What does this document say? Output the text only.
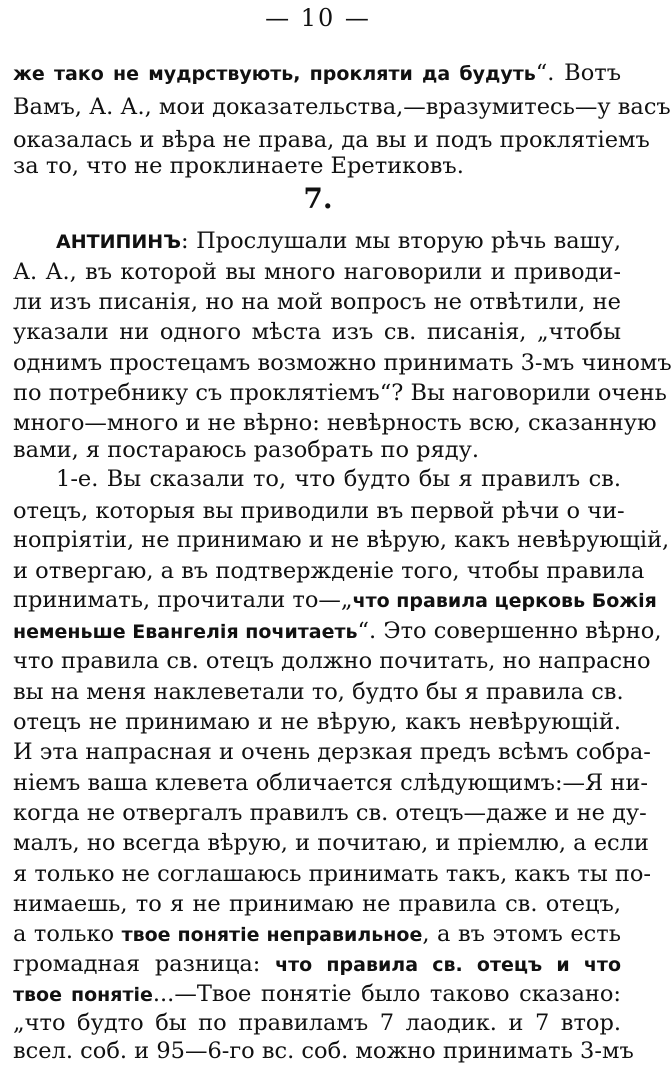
— 10 —
же тако не мудрствують, прокляти да будуть“. Вотъ
Вамъ, А. А., мои доказательства,—вразумитесь—у васъ
оказалась и вѣра не права, да вы и подъ проклятіемъ
за то, что не проклинаете Еретиковъ.
7.
АНТИПИНЪ: Прослушали мы вторую рѣчь вашу,
А. А., въ которой вы много наговорили и приводи-
ли изъ писанія, но на мой вопросъ не отвѣтили, не
указали ни одного мѣста изъ св. писанія, „чтобы
однимъ простецамъ возможно принимать 3-мъ чиномъ
по потребнику съ проклятіемъ“? Вы наговорили очень
много—много и не вѣрно: невѣрность всю, сказанную
вами, я постараюсь разобрать по ряду.
1-е. Вы сказали то, что будто бы я правилъ св.
отецъ, которыя вы приводили въ первой рѣчи о чи-
нопріятіи, не принимаю и не вѣрую, какъ невѣрующій,
и отвергаю, а въ подтвержденіе того, чтобы правила
принимать, прочитали то—„что правила церковь Божія
неменьше Евангелія почитаеть“. Это совершенно вѣрно,
что правила св. отецъ должно почитать, но напрасно
вы на меня наклеветали то, будто бы я правила св.
отецъ не принимаю и не вѣрую, какъ невѣрующій.
И эта напрасная и очень дерзкая предъ всѣмъ собра-
ніемъ ваша клевета обличается слѣдующимъ:—Я ни-
когда не отвергалъ правилъ св. отецъ—даже и не ду-
малъ, но всегда вѣрую, и почитаю, и пріемлю, а если
я только не соглашаюсь принимать такъ, какъ ты по-
нимаешь, то я не принимаю не правила св. отецъ,
а только твое понятіе неправильное, а въ этомъ есть
громадная разница: что правила св. отецъ и что
твое понятіе...—Твое понятіе было таково сказано:
„что будто бы по правиламъ 7 лаодик. и 7 втор.
всел. соб. и 95—6-го вс. соб. можно принимать 3-мъ
